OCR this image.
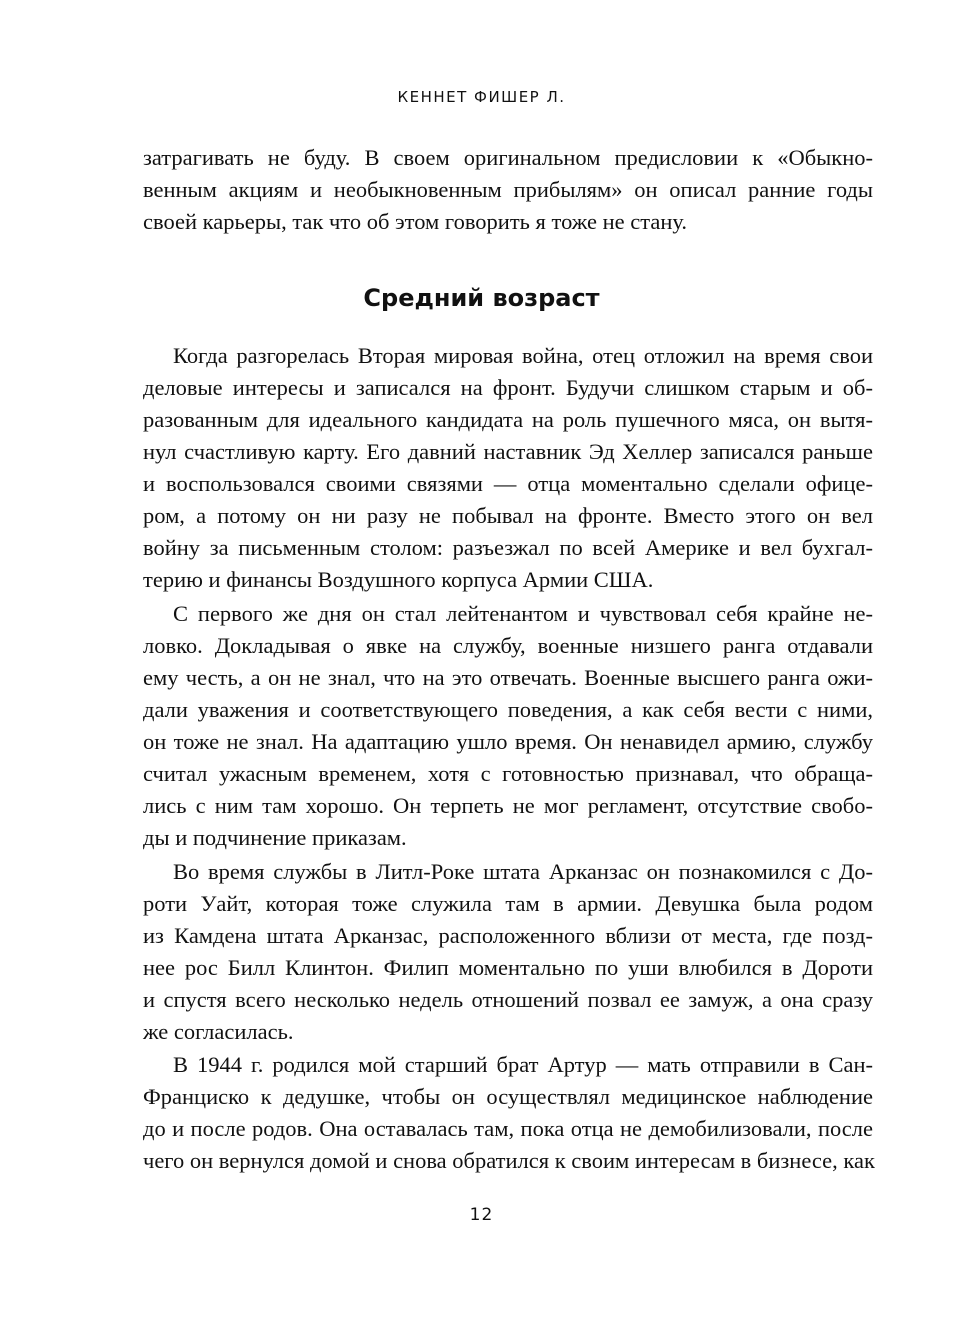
КЕННЕТ ФИШЕР Л.
затрагивать не буду. В своем оригинальном предисловии к «Обыкно-
венным акциям и необыкновенным прибылям» он описал ранние годы
своей карьеры, так что об этом говорить я тоже не стану.
Средний возраст
Когда разгорелась Вторая мировая война, отец отложил на время свои
деловые интересы и записался на фронт. Будучи слишком старым и об-
разованным для идеального кандидата на роль пушечного мяса, он вытя-
нул счастливую карту. Его давний наставник Эд Хеллер записался раньше
и воспользовался своими связями — отца моментально сделали офице-
ром, а потому он ни разу не побывал на фронте. Вместо этого он вел
войну за письменным столом: разъезжал по всей Америке и вел бухгал-
терию и финансы Воздушного корпуса Армии США.
С первого же дня он стал лейтенантом и чувствовал себя крайне не-
ловко. Докладывая о явке на службу, военные низшего ранга отдавали
ему честь, а он не знал, что на это отвечать. Военные высшего ранга ожи-
дали уважения и соответствующего поведения, а как себя вести с ними,
он тоже не знал. На адаптацию ушло время. Он ненавидел армию, службу
считал ужасным временем, хотя с готовностью признавал, что обраща-
лись с ним там хорошо. Он терпеть не мог регламент, отсутствие свобо-
ды и подчинение приказам.
Во время службы в Литл-Роке штата Арканзас он познакомился с До-
роти Уайт, которая тоже служила там в армии. Девушка была родом
из Камдена штата Арканзас, расположенного вблизи от места, где позд-
нее рос Билл Клинтон. Филип моментально по уши влюбился в Дороти
и спустя всего несколько недель отношений позвал ее замуж, а она сразу
же согласилась.
В 1944 г. родился мой старший брат Артур — мать отправили в Сан-
Франциско к дедушке, чтобы он осуществлял медицинское наблюдение
до и после родов. Она оставалась там, пока отца не демобилизовали, после
чего он вернулся домой и снова обратился к своим интересам в бизнесе, как
12
